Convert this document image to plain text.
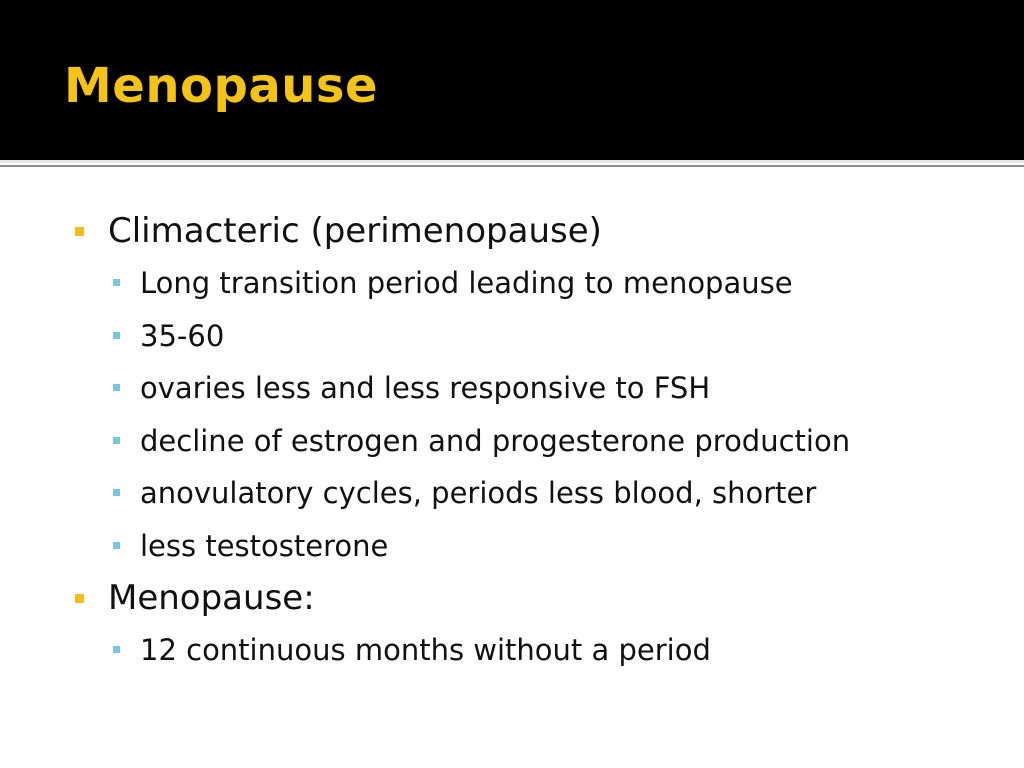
Menopause
Climacteric (perimenopause)
Long transition period leading to menopause
35-60
ovaries less and less responsive to FSH
decline of estrogen and progesterone production
anovulatory cycles, periods less blood, shorter
less testosterone
Menopause:
12 continuous months without a period
